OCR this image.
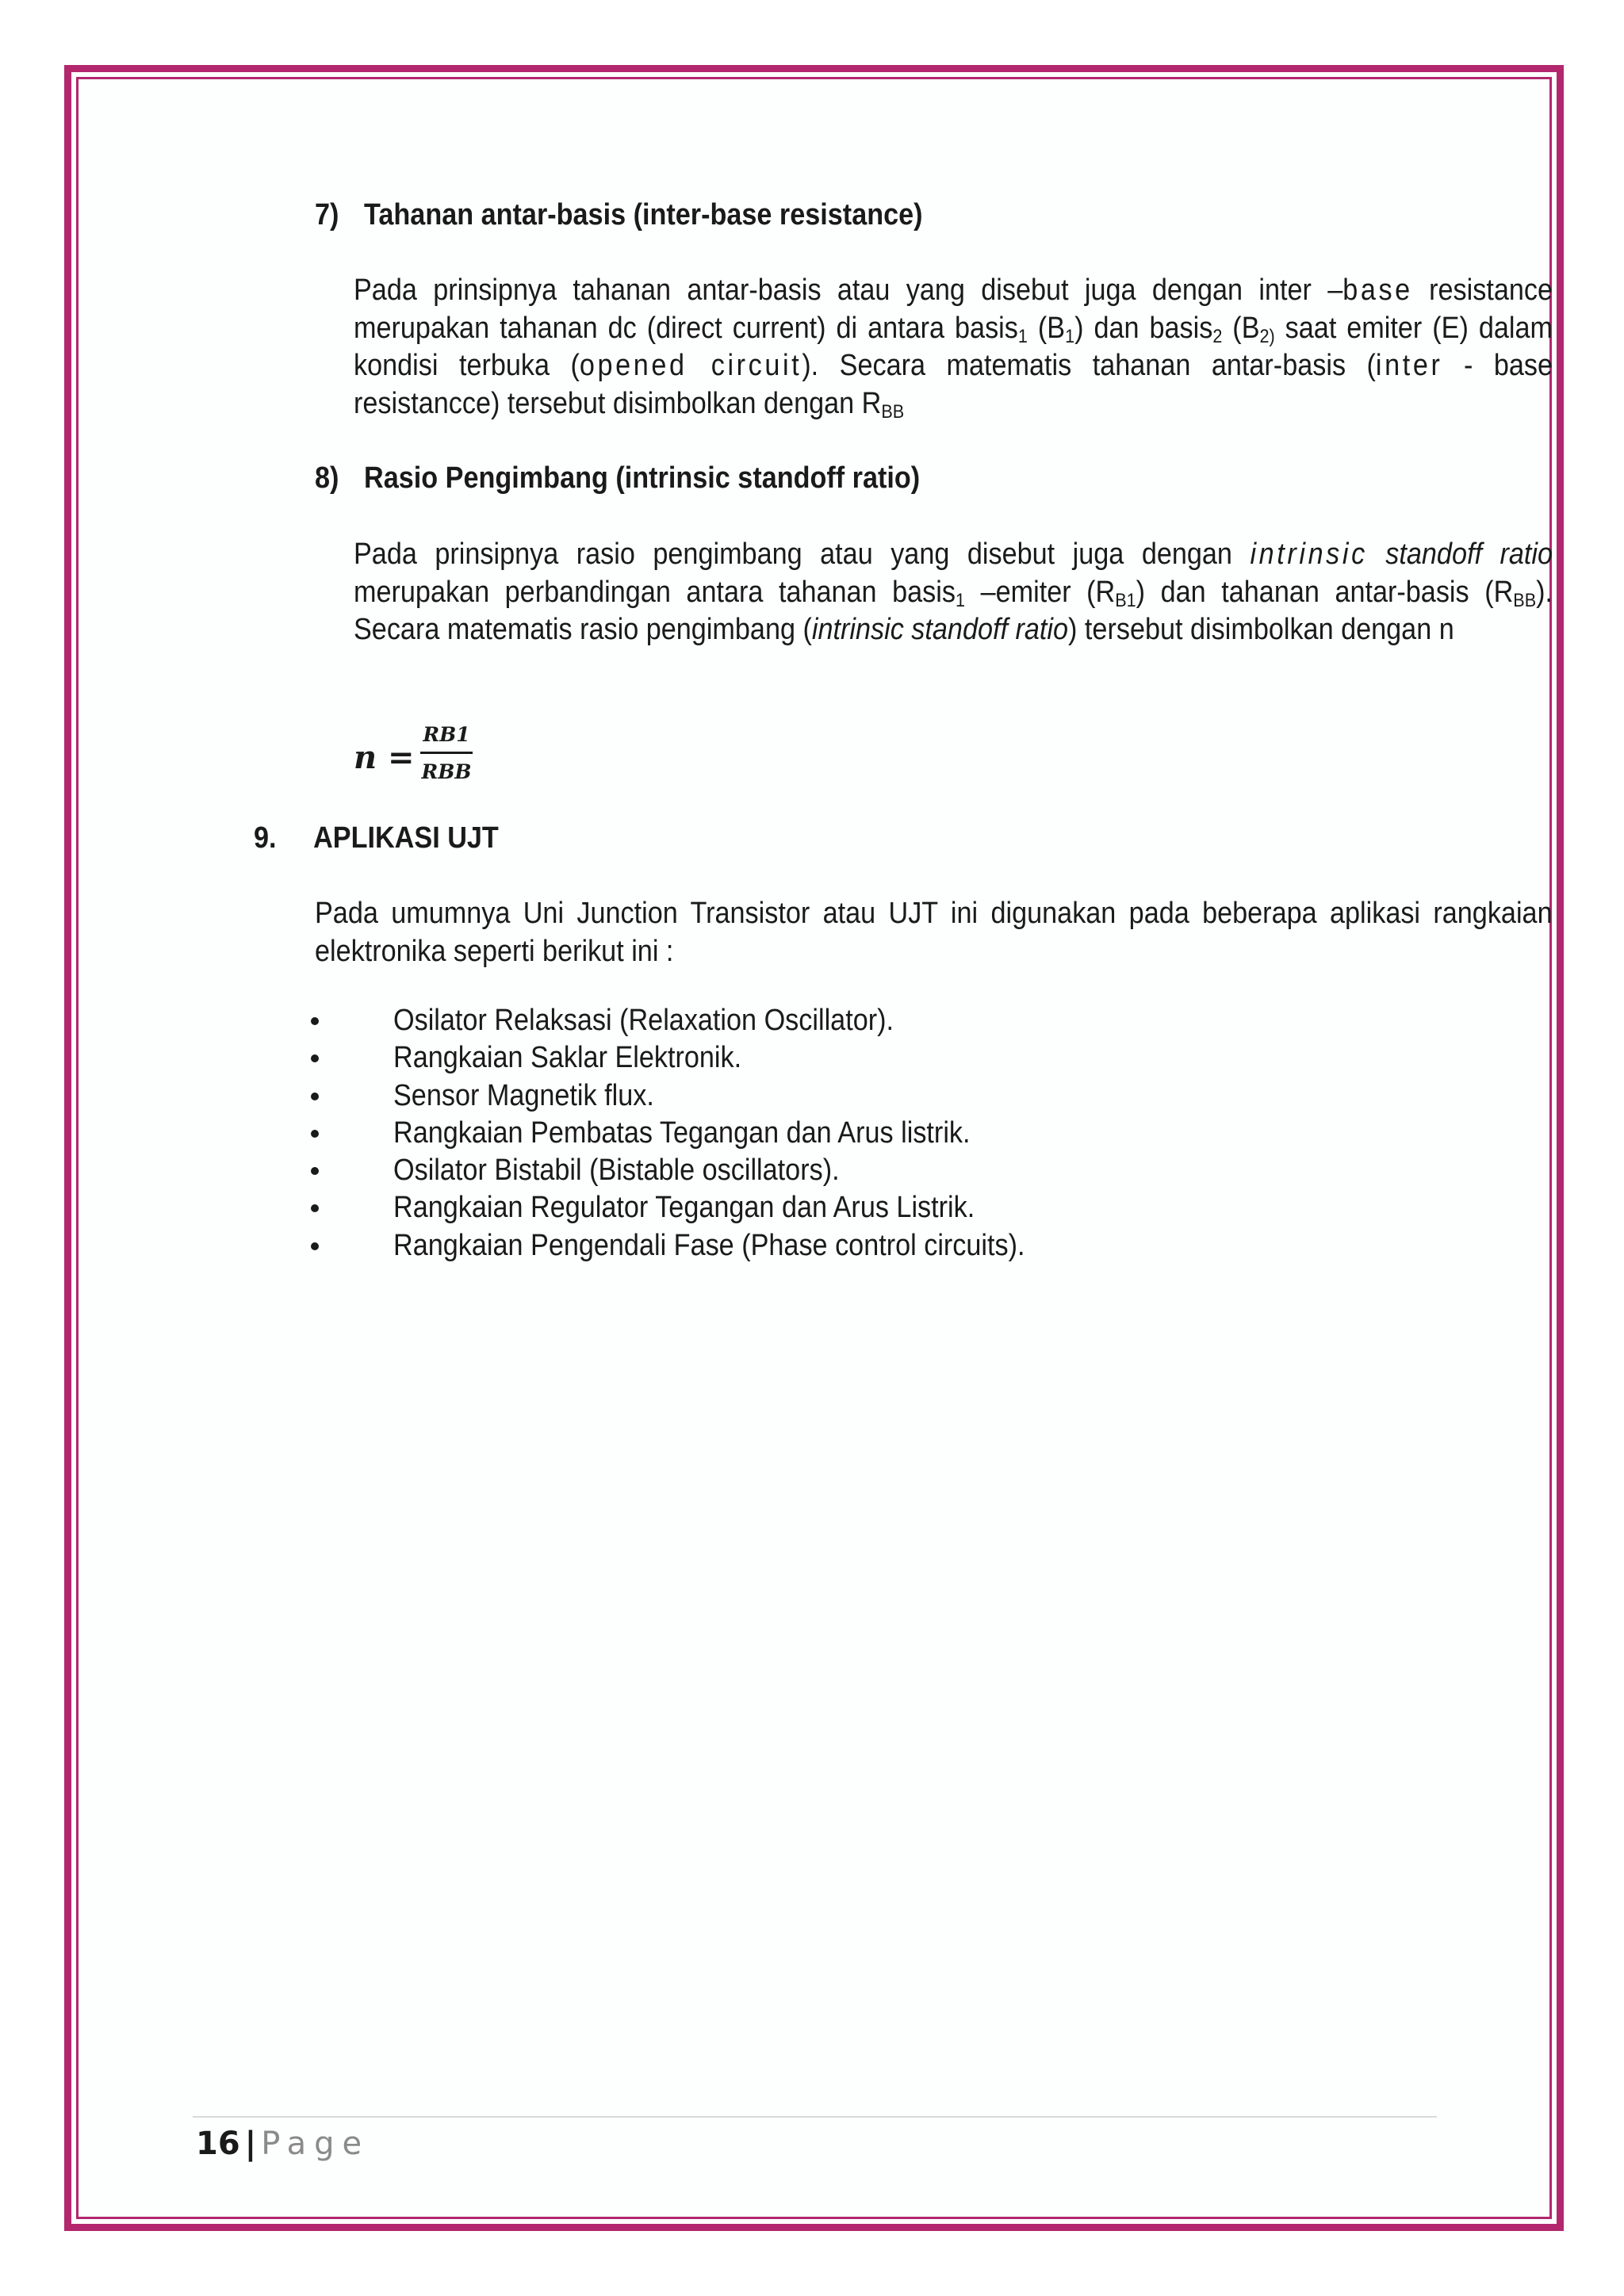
7) Tahanan antar-basis (inter-base resistance)
Pada prinsipnya tahanan antar-basis atau yang disebut juga dengan inter –base resistance merupakan tahanan dc (direct current) di antara basis$_1$ $(B_1)$ dan basis$_2$ ($B_{2)}$ saat emiter (E) dalam kondisi terbuka (opened circuit). Secara matematis tahanan antar-basis (inter - base resistancce) tersebut disimbolkan dengan $R_{BB}$
8) Rasio Pengimbang (intrinsic standoff ratio)
Pada prinsipnya rasio pengimbang atau yang disebut juga dengan intrinsic standoff ratio merupakan perbandingan antara tahanan basis$_1$ –emiter $(R_{B1})$ dan tahanan antar-basis $(R_{BB})$. Secara matematis rasio pengimbang (intrinsic standoff ratio) tersebut disimbolkan dengan n
n =
RB1
RBB
9. APLIKASI UJT
Pada umumnya Uni Junction Transistor atau UJT ini digunakan pada beberapa aplikasi rangkaian elektronika seperti berikut ini :
Osilator Relaksasi (Relaxation Oscillator).
Rangkaian Saklar Elektronik.
Sensor Magnetik flux.
Rangkaian Pembatas Tegangan dan Arus listrik.
Osilator Bistabil (Bistable oscillators).
Rangkaian Regulator Tegangan dan Arus Listrik.
Rangkaian Pengendali Fase (Phase control circuits).
16 | Page
